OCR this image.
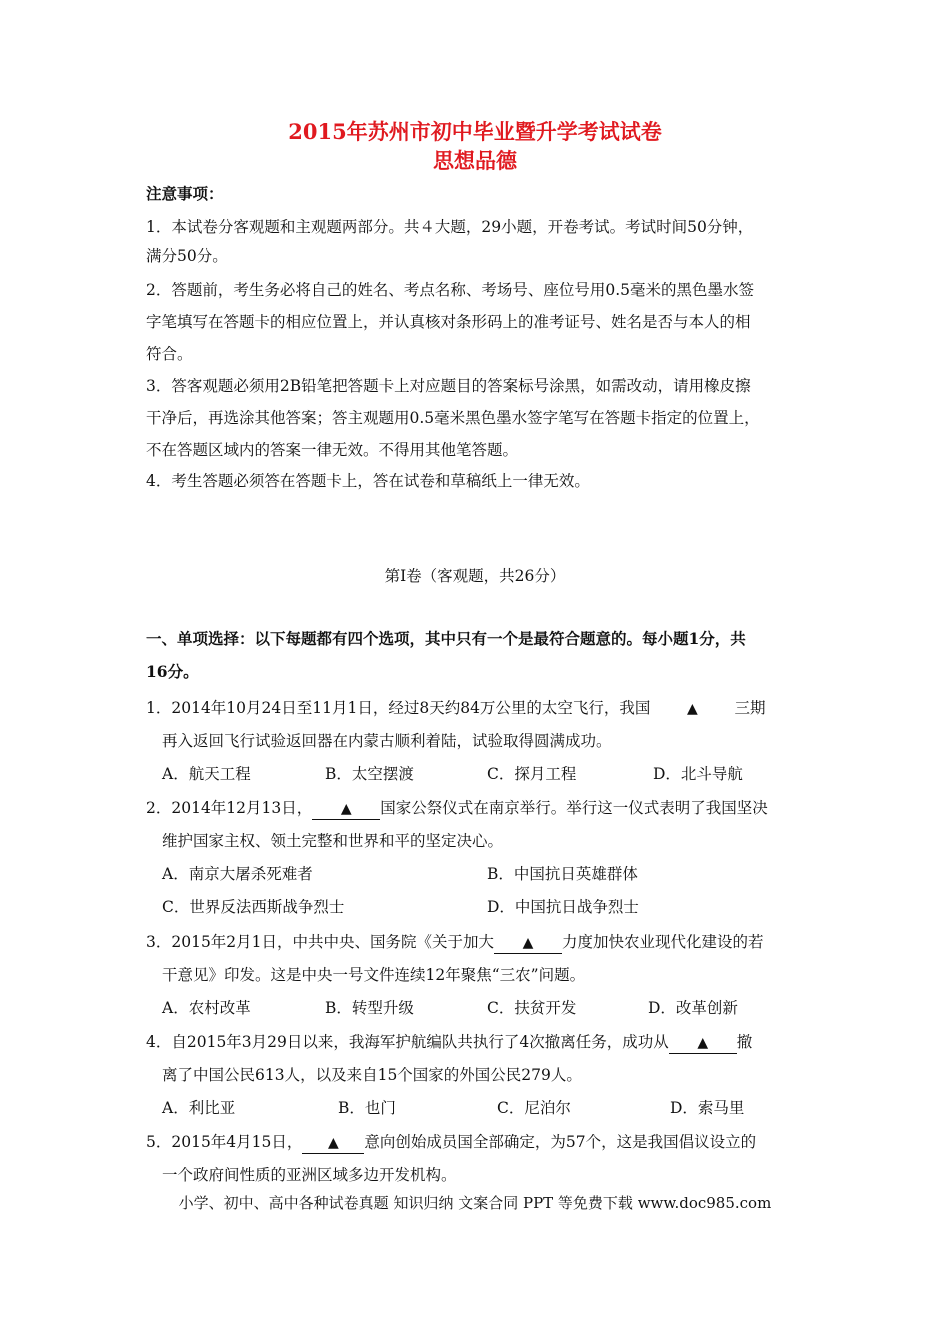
2015年苏州市初中毕业暨升学考试试卷
思想品德
注意事项：
1．本试卷分客观题和主观题两部分。共４大题，29小题，开卷考试。考试时间50分钟，
满分50分。
2．答题前，考生务必将自己的姓名、考点名称、考场号、座位号用0.5毫米的黑色墨水签
字笔填写在答题卡的相应位置上，并认真核对条形码上的准考证号、姓名是否与本人的相
符合。
3．答客观题必须用2B铅笔把答题卡上对应题目的答案标号涂黑，如需改动，请用橡皮擦
干净后，再选涂其他答案；答主观题用0.5毫米黑色墨水签字笔写在答题卡指定的位置上，
不在答题区域内的答案一律无效。不得用其他笔答题。
4．考生答题必须答在答题卡上，答在试卷和草稿纸上一律无效。
第Ⅰ卷（客观题，共26分）
一、单项选择：以下每题都有四个选项，其中只有一个是最符合题意的。每小题1分，共
16分。
1．2014年10月24日至11月1日，经过8天约84万公里的太空飞行，我国	▲ 三期
再入返回飞行试验返回器在内蒙古顺利着陆，试验取得圆满成功。
A．航天工程	B．太空摆渡	C．探月工程	D．北斗导航
2．2014年12月13日， ▲ 国家公祭仪式在南京举行。举行这一仪式表明了我国坚决
维护国家主权、领土完整和世界和平的坚定决心。
A．南京大屠杀死难者	B．中国抗日英雄群体
C．世界反法西斯战争烈士	D．中国抗日战争烈士
3．2015年2月1日，中共中央、国务院《关于加大 ▲ 力度加快农业现代化建设的若
干意见》印发。这是中央一号文件连续12年聚焦“三农”问题。
A．农村改革	B．转型升级	C．扶贫开发	D．改革创新
4．自2015年3月29日以来，我海军护航编队共执行了4次撤离任务，成功从 ▲ 撤
离了中国公民613人，以及来自15个国家的外国公民279人。
A．利比亚	B．也门	C．尼泊尔	D．索马里
5．2015年4月15日， ▲ 意向创始成员国全部确定，为57个，这是我国倡议设立的
一个政府间性质的亚洲区域多边开发机构。
小学、初中、高中各种试卷真题 知识归纳 文案合同 PPT 等免费下载 www.doc985.com
